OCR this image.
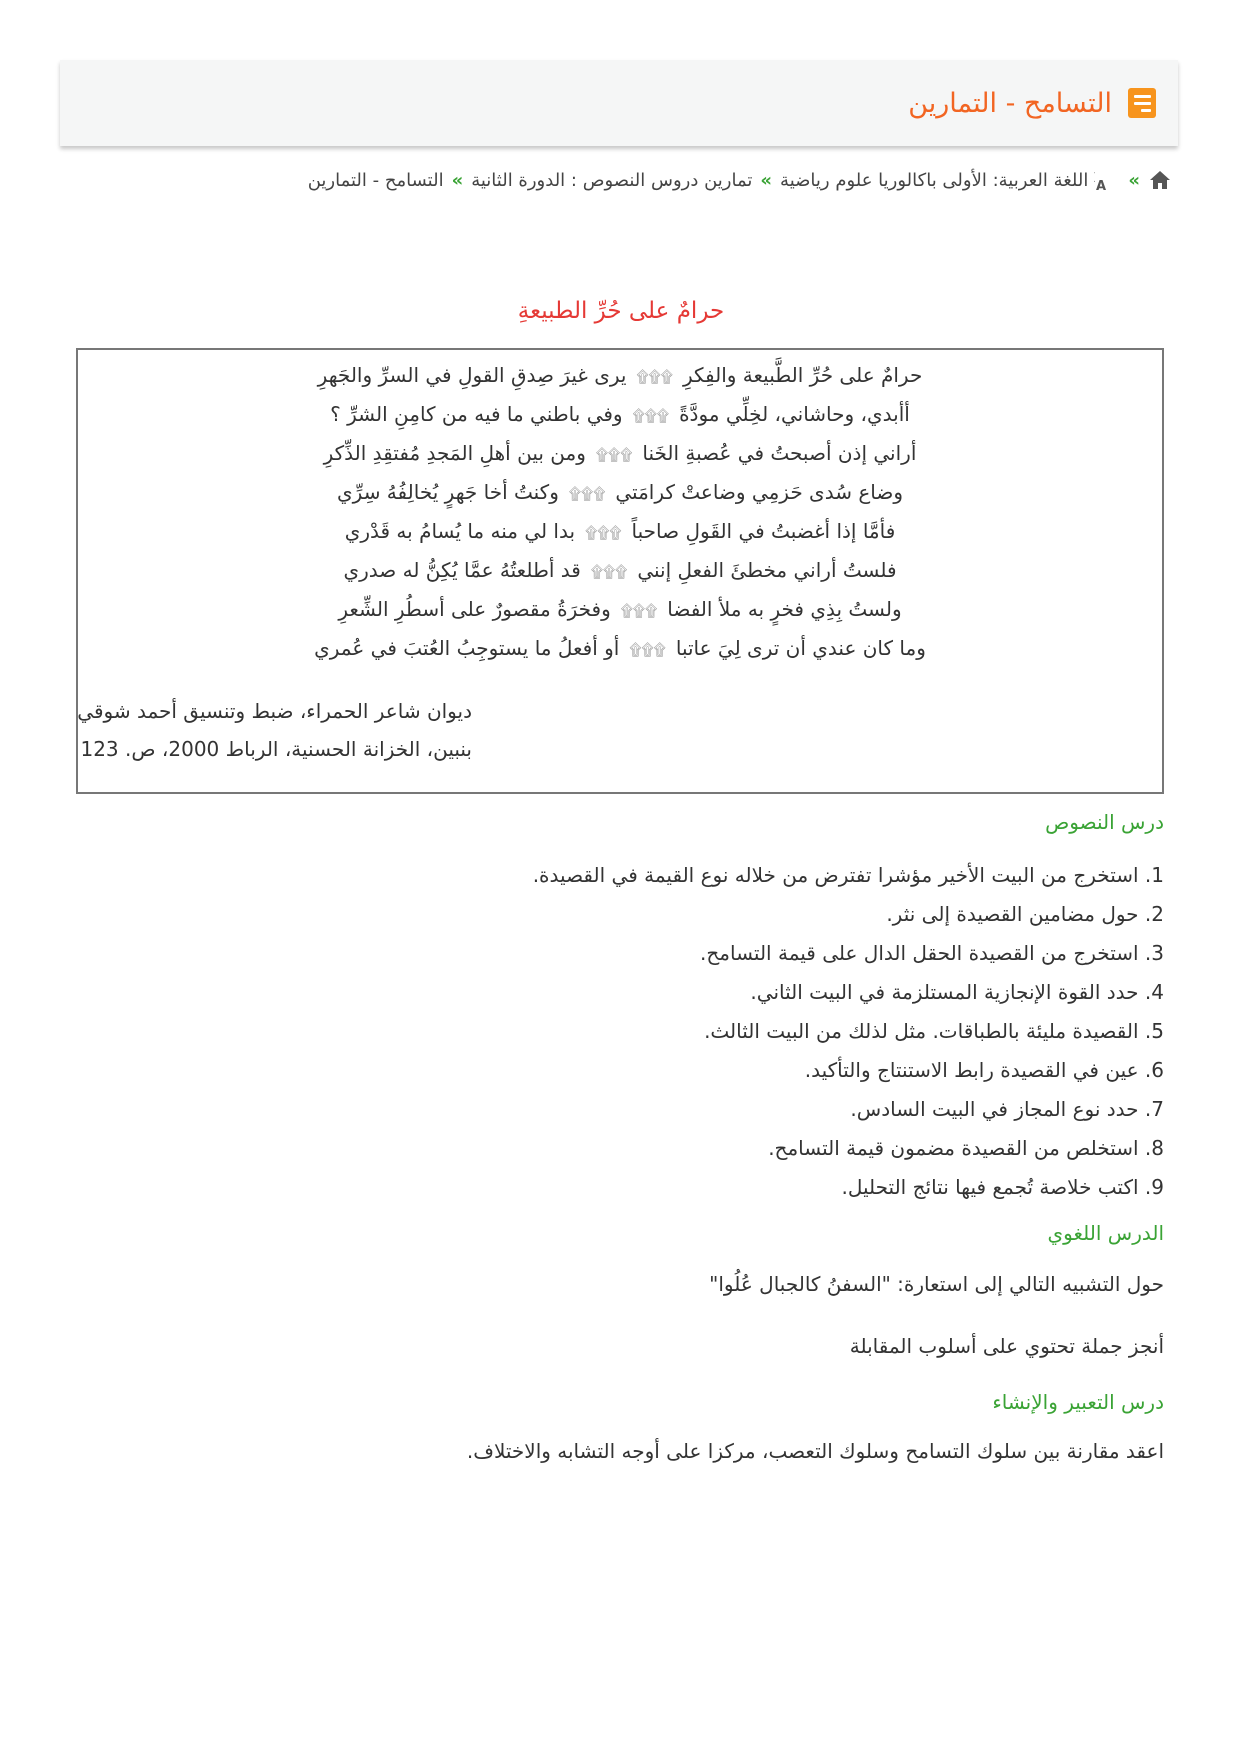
التسامح - التمارين
»
A
اللغة العربية: الأولى باكالوريا علوم رياضية
»
تمارين دروس النصوص : الدورة الثانية
»
التسامح - التمارين
حرامٌ على حُرِّ الطبيعةِ
حرامٌ على حُرِّ الطَّبيعة والفِكرِ۩۩۩يرى غيرَ صِدقِ القولِ في السرِّ والجَهرِ
أأبدي، وحاشاني، لخِلِّي مودَّةً۩۩۩وفي باطني ما فيه من كامِنِ الشرِّ ؟
أراني إذن أصبحتُ في عُصبةِ الخَنا۩۩۩ومن بين أهلِ المَجدِ مُفتقِدِ الذِّكرِ
وضاع سُدى حَزمِي وضاعتْ كرامَتي۩۩۩وكنتُ أخا جَهرٍ يُخالِفُهُ سِرِّي
فأمَّا إذا أغضبتُ في القَولِ صاحباً۩۩۩بدا لي منه ما يُسامُ به قَدْري
فلستُ أراني مخطئَ الفعلِ إنني۩۩۩قد أطلعتُهُ عمَّا يُكِنُّ له صدري
ولستُ بِذِي فخرٍ به ملأ الفضا۩۩۩وفخرَةُ مقصورٌ على أسطُرِ الشِّعرِ
وما كان عندي أن ترى لِيَ عاتبا۩۩۩أو أفعلُ ما يستوجِبُ العُتبَ في عُمري
ديوان شاعر الحمراء، ضبط وتنسيق أحمد شوقي
بنبين، الخزانة الحسنية، الرباط 2000، ص. 123
درس النصوص
1. استخرج من البيت الأخير مؤشرا تفترض من خلاله نوع القيمة في القصيدة.
2. حول مضامين القصيدة إلى نثر.
3. استخرج من القصيدة الحقل الدال على قيمة التسامح.
4. حدد القوة الإنجازية المستلزمة في البيت الثاني.
5. القصيدة مليئة بالطباقات. مثل لذلك من البيت الثالث.
6. عين في القصيدة رابط الاستنتاج والتأكيد.
7. حدد نوع المجاز في البيت السادس.
8. استخلص من القصيدة مضمون قيمة التسامح.
9. اكتب خلاصة تُجمع فيها نتائج التحليل.
الدرس اللغوي
حول التشبيه التالي إلى استعارة: "السفنُ كالجبال عُلُوا"
أنجز جملة تحتوي على أسلوب المقابلة
درس التعبير والإنشاء
اعقد مقارنة بين سلوك التسامح وسلوك التعصب، مركزا على أوجه التشابه والاختلاف.
